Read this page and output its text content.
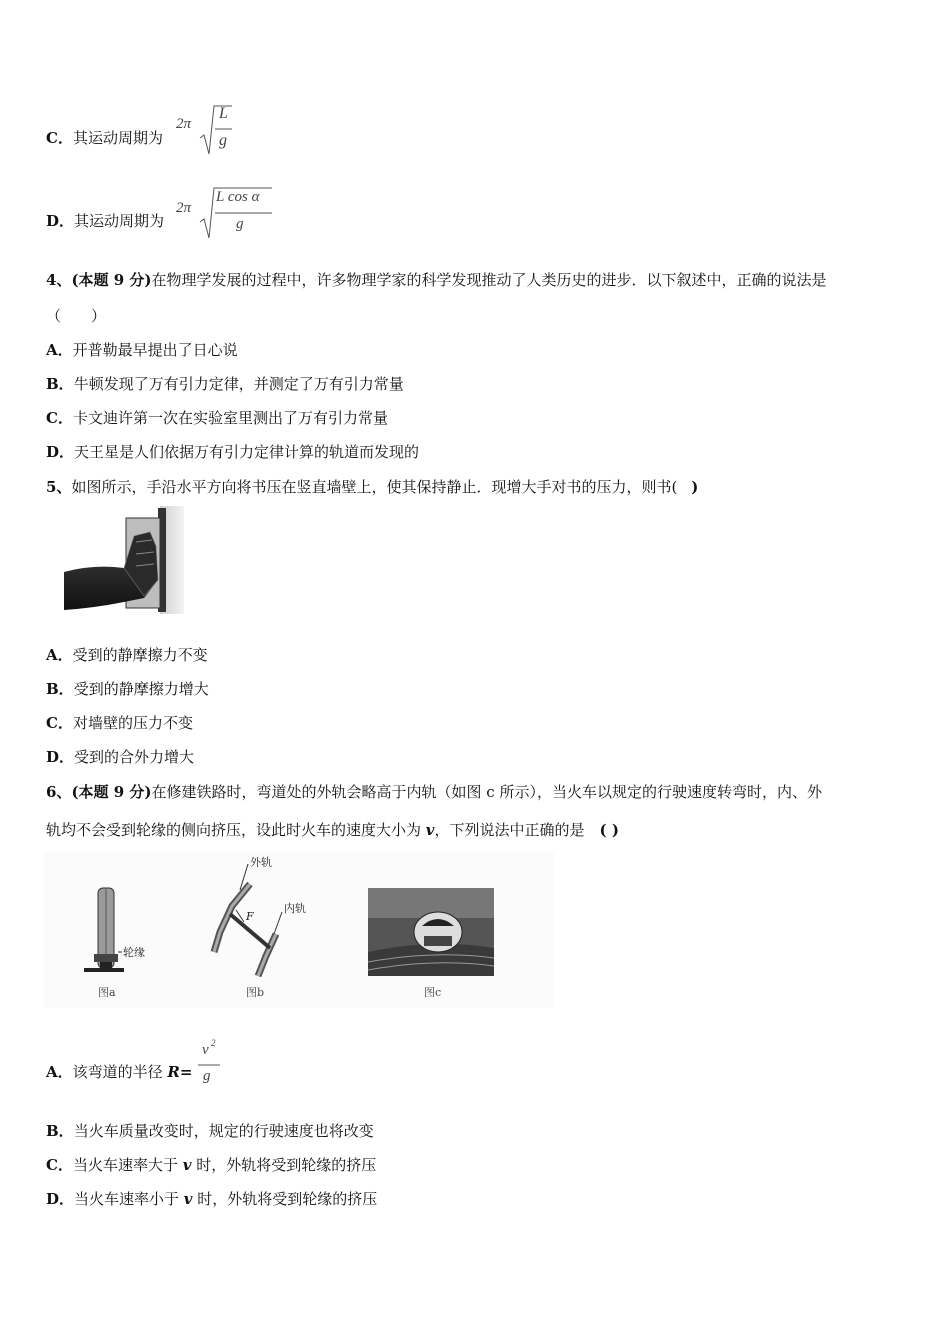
C．其运动周期为
2π
L
g
D．其运动周期为
2π
L cos α
g
4、(本题 9 分)在物理学发展的过程中，许多物理学家的科学发现推动了人类历史的进步．以下叙述中，正确的说法是
（　　）
A．开普勒最早提出了日心说
B．牛顿发现了万有引力定律，并测定了万有引力常量
C．卡文迪许第一次在实验室里测出了万有引力常量
D．天王星是人们依据万有引力定律计算的轨道而发现的
5、如图所示，手沿水平方向将书压在竖直墙壁上，使其保持静止．现增大手对书的压力，则书( )
A．受到的静摩擦力不变
B．受到的静摩擦力增大
C．对墙壁的压力不变
D．受到的合外力增大
6、(本题 9 分)在修建铁路时，弯道处的外轨会略高于内轨（如图 c 所示），当火车以规定的行驶速度转弯时，内、外
轨均不会受到轮缘的侧向挤压，设此时火车的速度大小为 v，下列说法中正确的是　( )
轮缘
图a
外轨
内轨
F
图b	图c
A．该弯道的半径 R=
v 2
g
B．当火车质量改变时，规定的行驶速度也将改变
C．当火车速率大于 v 时，外轨将受到轮缘的挤压
D．当火车速率小于 v 时，外轨将受到轮缘的挤压
